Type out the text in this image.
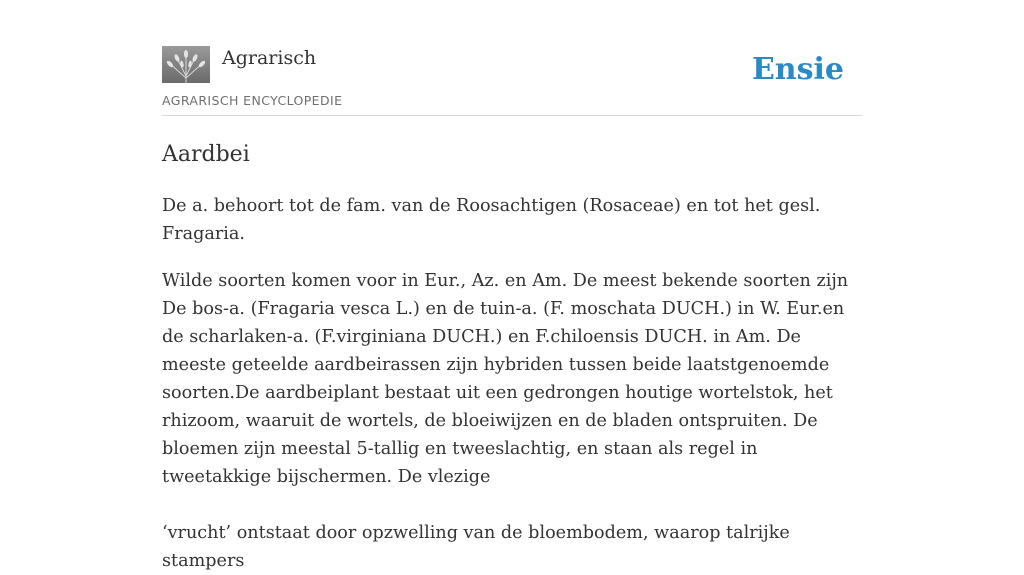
Agrarisch
AGRARISCH ENCYCLOPEDIE
Ensie
Aardbei

De a. behoort tot de fam. van de Roosachtigen (Rosaceae) en tot het gesl. Fragaria.

Wilde soorten komen voor in Eur., Az. en Am. De meest bekende soorten zijn De bos-a. (Fragaria vesca L.) en de tuin-a. (F. moschata DUCH.) in W. Eur.en de scharlaken-a. (F.virginiana DUCH.) en F.chiloensis DUCH. in Am. De meeste geteelde aardbeirassen zijn hybriden tussen beide laatstgenoemde soorten.De aardbeiplant bestaat uit een gedrongen houtige wortelstok, het rhizoom, waaruit de wortels, de bloeiwijzen en de bladen ontspruiten. De bloemen zijn meestal 5-tallig en tweeslachtig, en staan als regel in tweetakkige bijschermen. De vlezige

‘vrucht’ ontstaat door opzwelling van de bloembodem, waarop talrijke stampers
